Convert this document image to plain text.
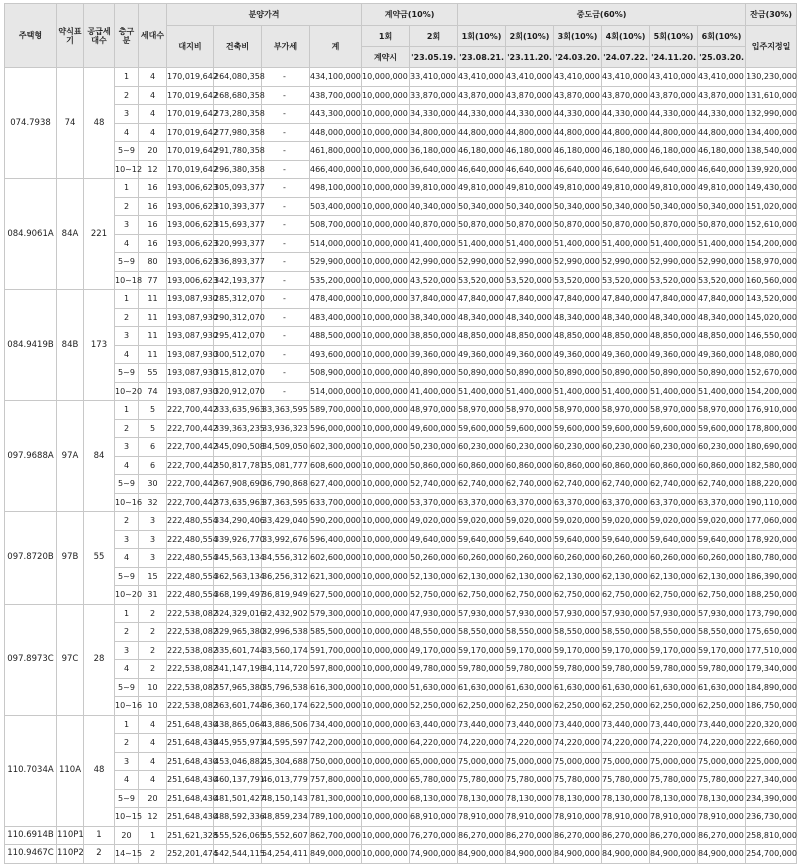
주택형	약식표기	공급세대수	층구분	세대수	분양가격				계약금(10%)		중도금(60%)						잔금(30%)
					대지비	건축비	부가세	계	1회	2회	1회(10%)	2회(10%)	3회(10%)	4회(10%)	5회(10%)	6회(10%)	입주지정일
									계약시	'23.05.19.	'23.08.21.	'23.11.20.	'24.03.20.	'24.07.22.	'24.11.20.	'25.03.20.	
074.7938	74	48	1	4	170,019,642	264,080,358	-	434,100,000	10,000,000	33,410,000	43,410,000	43,410,000	43,410,000	43,410,000	43,410,000	43,410,000	130,230,000
			2	4	170,019,642	268,680,358	-	438,700,000	10,000,000	33,870,000	43,870,000	43,870,000	43,870,000	43,870,000	43,870,000	43,870,000	131,610,000
			3	4	170,019,642	273,280,358	-	443,300,000	10,000,000	34,330,000	44,330,000	44,330,000	44,330,000	44,330,000	44,330,000	44,330,000	132,990,000
			4	4	170,019,642	277,980,358	-	448,000,000	10,000,000	34,800,000	44,800,000	44,800,000	44,800,000	44,800,000	44,800,000	44,800,000	134,400,000
			5~9	20	170,019,642	291,780,358	-	461,800,000	10,000,000	36,180,000	46,180,000	46,180,000	46,180,000	46,180,000	46,180,000	46,180,000	138,540,000
			10~12	12	170,019,642	296,380,358	-	466,400,000	10,000,000	36,640,000	46,640,000	46,640,000	46,640,000	46,640,000	46,640,000	46,640,000	139,920,000
084.9061A	84A	221	1	16	193,006,623	305,093,377	-	498,100,000	10,000,000	39,810,000	49,810,000	49,810,000	49,810,000	49,810,000	49,810,000	49,810,000	149,430,000
			2	16	193,006,623	310,393,377	-	503,400,000	10,000,000	40,340,000	50,340,000	50,340,000	50,340,000	50,340,000	50,340,000	50,340,000	151,020,000
			3	16	193,006,623	315,693,377	-	508,700,000	10,000,000	40,870,000	50,870,000	50,870,000	50,870,000	50,870,000	50,870,000	50,870,000	152,610,000
			4	16	193,006,623	320,993,377	-	514,000,000	10,000,000	41,400,000	51,400,000	51,400,000	51,400,000	51,400,000	51,400,000	51,400,000	154,200,000
			5~9	80	193,006,623	336,893,377	-	529,900,000	10,000,000	42,990,000	52,990,000	52,990,000	52,990,000	52,990,000	52,990,000	52,990,000	158,970,000
			10~18	77	193,006,623	342,193,377	-	535,200,000	10,000,000	43,520,000	53,520,000	53,520,000	53,520,000	53,520,000	53,520,000	53,520,000	160,560,000
084.9419B	84B	173	1	11	193,087,930	285,312,070	-	478,400,000	10,000,000	37,840,000	47,840,000	47,840,000	47,840,000	47,840,000	47,840,000	47,840,000	143,520,000
			2	11	193,087,930	290,312,070	-	483,400,000	10,000,000	38,340,000	48,340,000	48,340,000	48,340,000	48,340,000	48,340,000	48,340,000	145,020,000
			3	11	193,087,930	295,412,070	-	488,500,000	10,000,000	38,850,000	48,850,000	48,850,000	48,850,000	48,850,000	48,850,000	48,850,000	146,550,000
			4	11	193,087,930	300,512,070	-	493,600,000	10,000,000	39,360,000	49,360,000	49,360,000	49,360,000	49,360,000	49,360,000	49,360,000	148,080,000
			5~9	55	193,087,930	315,812,070	-	508,900,000	10,000,000	40,890,000	50,890,000	50,890,000	50,890,000	50,890,000	50,890,000	50,890,000	152,670,000
			10~20	74	193,087,930	320,912,070	-	514,000,000	10,000,000	41,400,000	51,400,000	51,400,000	51,400,000	51,400,000	51,400,000	51,400,000	154,200,000
097.9688A	97A	84	1	5	222,700,442	333,635,963	33,363,595	589,700,000	10,000,000	48,970,000	58,970,000	58,970,000	58,970,000	58,970,000	58,970,000	58,970,000	176,910,000
			2	5	222,700,442	339,363,235	33,936,323	596,000,000	10,000,000	49,600,000	59,600,000	59,600,000	59,600,000	59,600,000	59,600,000	59,600,000	178,800,000
			3	6	222,700,442	345,090,508	34,509,050	602,300,000	10,000,000	50,230,000	60,230,000	60,230,000	60,230,000	60,230,000	60,230,000	60,230,000	180,690,000
			4	6	222,700,442	350,817,781	35,081,777	608,600,000	10,000,000	50,860,000	60,860,000	60,860,000	60,860,000	60,860,000	60,860,000	60,860,000	182,580,000
			5~9	30	222,700,442	367,908,690	36,790,868	627,400,000	10,000,000	52,740,000	62,740,000	62,740,000	62,740,000	62,740,000	62,740,000	62,740,000	188,220,000
			10~16	32	222,700,442	373,635,963	37,363,595	633,700,000	10,000,000	53,370,000	63,370,000	63,370,000	63,370,000	63,370,000	63,370,000	63,370,000	190,110,000
097.8720B	97B	55	2	3	222,480,554	334,290,406	33,429,040	590,200,000	10,000,000	49,020,000	59,020,000	59,020,000	59,020,000	59,020,000	59,020,000	59,020,000	177,060,000
			3	3	222,480,554	339,926,770	33,992,676	596,400,000	10,000,000	49,640,000	59,640,000	59,640,000	59,640,000	59,640,000	59,640,000	59,640,000	178,920,000
			4	3	222,480,554	345,563,134	34,556,312	602,600,000	10,000,000	50,260,000	60,260,000	60,260,000	60,260,000	60,260,000	60,260,000	60,260,000	180,780,000
			5~9	15	222,480,554	362,563,134	36,256,312	621,300,000	10,000,000	52,130,000	62,130,000	62,130,000	62,130,000	62,130,000	62,130,000	62,130,000	186,390,000
			10~20	31	222,480,554	368,199,497	36,819,949	627,500,000	10,000,000	52,750,000	62,750,000	62,750,000	62,750,000	62,750,000	62,750,000	62,750,000	188,250,000
097.8973C	97C	28	1	2	222,538,082	324,329,016	32,432,902	579,300,000	10,000,000	47,930,000	57,930,000	57,930,000	57,930,000	57,930,000	57,930,000	57,930,000	173,790,000
			2	2	222,538,082	329,965,380	32,996,538	585,500,000	10,000,000	48,550,000	58,550,000	58,550,000	58,550,000	58,550,000	58,550,000	58,550,000	175,650,000
			3	2	222,538,082	335,601,744	33,560,174	591,700,000	10,000,000	49,170,000	59,170,000	59,170,000	59,170,000	59,170,000	59,170,000	59,170,000	177,510,000
			4	2	222,538,082	341,147,198	34,114,720	597,800,000	10,000,000	49,780,000	59,780,000	59,780,000	59,780,000	59,780,000	59,780,000	59,780,000	179,340,000
			5~9	10	222,538,082	357,965,380	35,796,538	616,300,000	10,000,000	51,630,000	61,630,000	61,630,000	61,630,000	61,630,000	61,630,000	61,630,000	184,890,000
			10~16	10	222,538,082	363,601,744	36,360,174	622,500,000	10,000,000	52,250,000	62,250,000	62,250,000	62,250,000	62,250,000	62,250,000	62,250,000	186,750,000
110.7034A	110A	48	1	4	251,648,430	438,865,064	43,886,506	734,400,000	10,000,000	63,440,000	73,440,000	73,440,000	73,440,000	73,440,000	73,440,000	73,440,000	220,320,000
			2	4	251,648,430	445,955,973	44,595,597	742,200,000	10,000,000	64,220,000	74,220,000	74,220,000	74,220,000	74,220,000	74,220,000	74,220,000	222,660,000
			3	4	251,648,430	453,046,882	45,304,688	750,000,000	10,000,000	65,000,000	75,000,000	75,000,000	75,000,000	75,000,000	75,000,000	75,000,000	225,000,000
			4	4	251,648,430	460,137,791	46,013,779	757,800,000	10,000,000	65,780,000	75,780,000	75,780,000	75,780,000	75,780,000	75,780,000	75,780,000	227,340,000
			5~9	20	251,648,430	481,501,427	48,150,143	781,300,000	10,000,000	68,130,000	78,130,000	78,130,000	78,130,000	78,130,000	78,130,000	78,130,000	234,390,000
			10~15	12	251,648,430	488,592,336	48,859,234	789,100,000	10,000,000	68,910,000	78,910,000	78,910,000	78,910,000	78,910,000	78,910,000	78,910,000	236,730,000
110.6914B	110P1	1	20	1	251,621,328	555,526,065	55,552,607	862,700,000	10,000,000	76,270,000	86,270,000	86,270,000	86,270,000	86,270,000	86,270,000	86,270,000	258,810,000
110.9467C	110P2	2	14~15	2	252,201,474	542,544,115	54,254,411	849,000,000	10,000,000	74,900,000	84,900,000	84,900,000	84,900,000	84,900,000	84,900,000	84,900,000	254,700,000
